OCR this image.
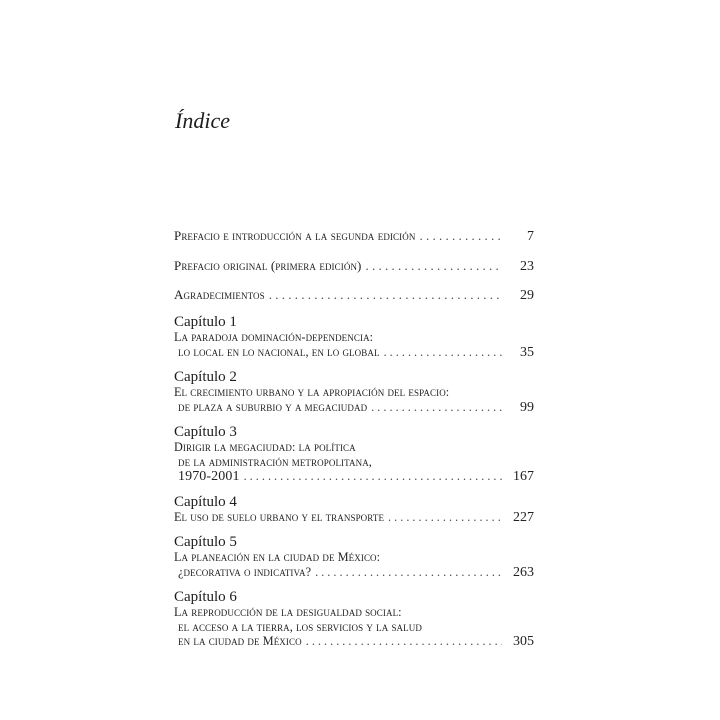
Índice
Prefacio e introducción a la segunda edición . . .	7
Prefacio original (primera edición) . . .	23
Agradecimientos . . .	29
Capítulo 1
La paradoja dominación-dependencia:
lo local en lo nacional, en lo global . . .	35
Capítulo 2
El crecimiento urbano y la apropiación del espacio:
de plaza a suburbio y a megaciudad . . .	99
Capítulo 3
Dirigir la megaciudad: la política
de la administración metropolitana,
1970-2001 . . .	167
Capítulo 4
El uso de suelo urbano y el transporte . . .	227
Capítulo 5
La planeación en la ciudad de México:
¿decorativa o indicativa? . . .	263
Capítulo 6
La reproducción de la desigualdad social:
el acceso a la tierra, los servicios y la salud
en la ciudad de México . . .	305
